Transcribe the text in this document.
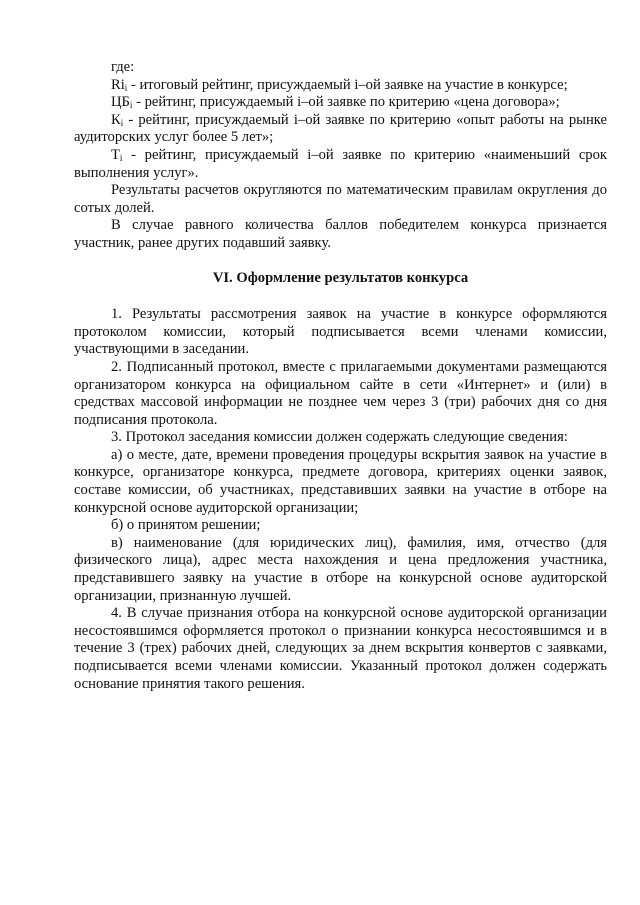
где:

$Ri_i$ - итоговый рейтинг, присуждаемый i–ой заявке на участие в конкурсе;

$ЦБ_i$ - рейтинг, присуждаемый i–ой заявке по критерию «цена договора»;

$К_i$ - рейтинг, присуждаемый i–ой заявке по критерию «опыт работы на рынке аудиторских услуг более 5 лет»;

$Т_i$ - рейтинг, присуждаемый i–ой заявке по критерию «наименьший срок выполнения услуг».

Результаты расчетов округляются по математическим правилам округления до сотых долей.

В случае равного количества баллов победителем конкурса признается участник, ранее других подавший заявку.

VI. Оформление результатов конкурса

1. Результаты рассмотрения заявок на участие в конкурсе оформляются протоколом комиссии, который подписывается всеми членами комиссии, участвующими в заседании.

2. Подписанный протокол, вместе с прилагаемыми документами размещаются организатором конкурса на официальном сайте в сети «Интернет» и (или) в средствах массовой информации не позднее чем через 3 (три) рабочих дня со дня подписания протокола.

3. Протокол заседания комиссии должен содержать следующие сведения:

а) о месте, дате, времени проведения процедуры вскрытия заявок на участие в конкурсе, организаторе конкурса, предмете договора, критериях оценки заявок, составе комиссии, об участниках, представивших заявки на участие в отборе на конкурсной основе аудиторской организации;

б) о принятом решении;

в) наименование (для юридических лиц), фамилия, имя, отчество (для физического лица), адрес места нахождения и цена предложения участника, представившего заявку на участие в отборе на конкурсной основе аудиторской организации, признанную лучшей.

4. В случае признания отбора на конкурсной основе аудиторской организации несостоявшимся оформляется протокол о признании конкурса несостоявшимся и в течение 3 (трех) рабочих дней, следующих за днем вскрытия конвертов с заявками, подписывается всеми членами комиссии. Указанный протокол должен содержать основание принятия такого решения.
